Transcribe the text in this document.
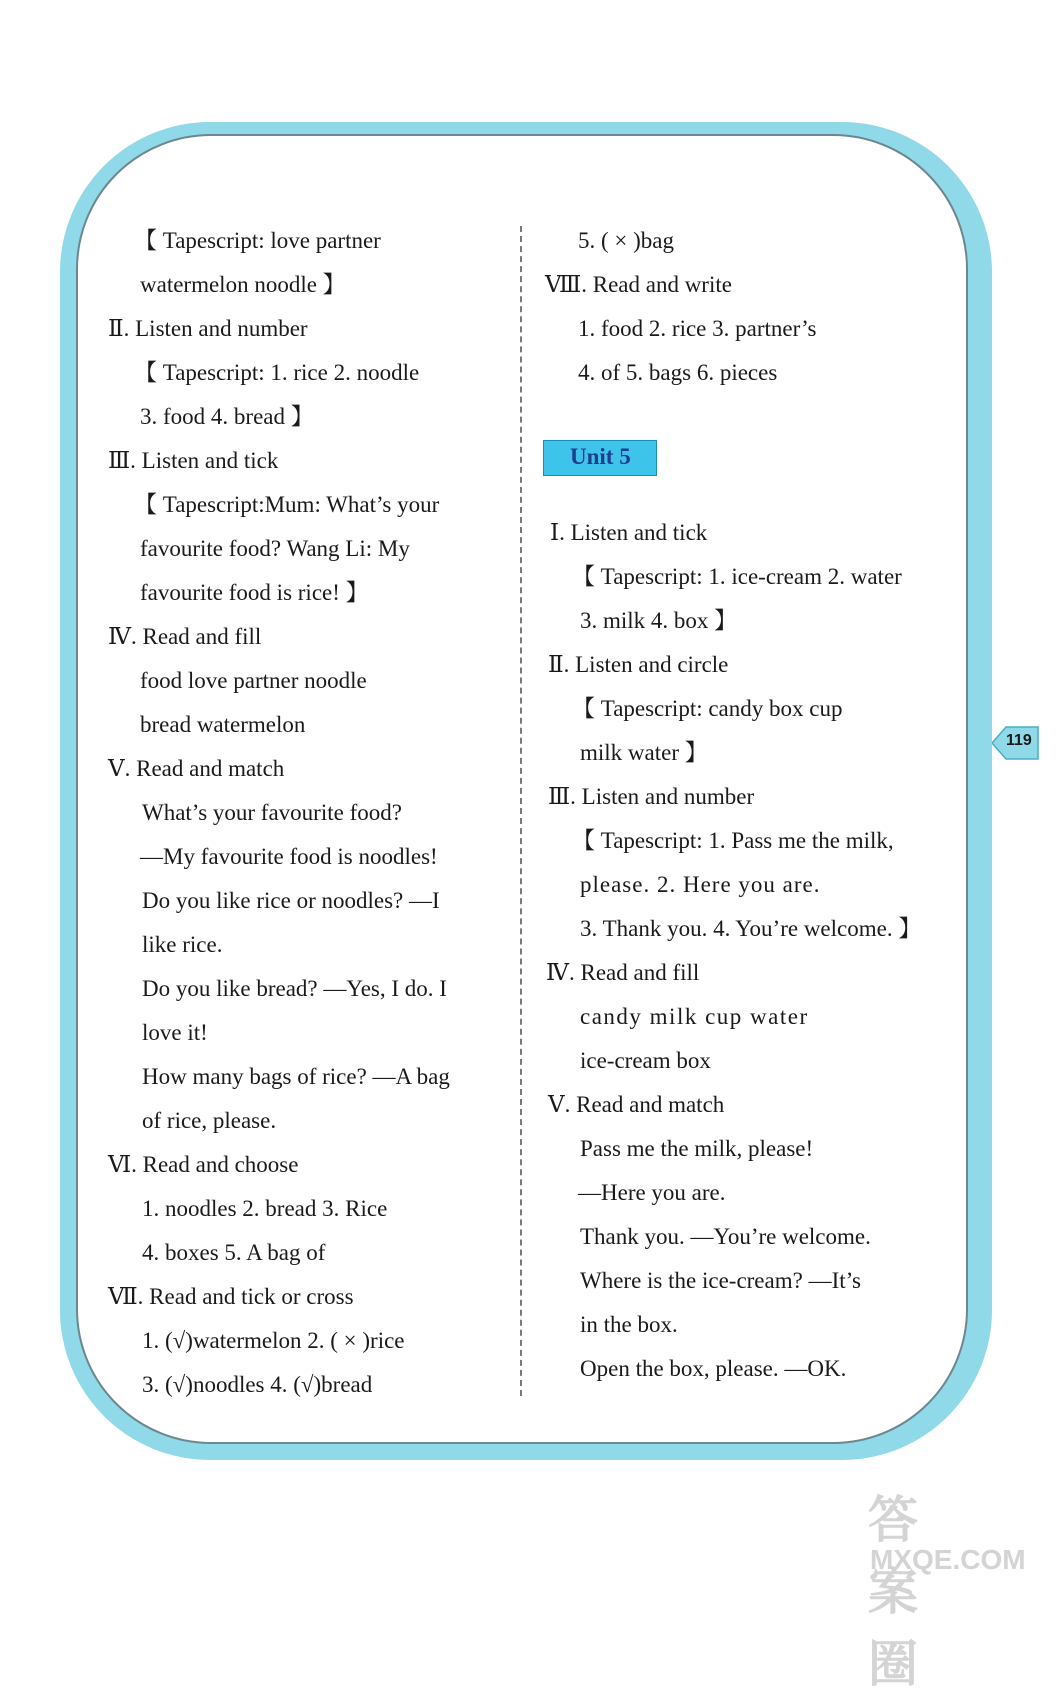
【 Tapescript: love partner
watermelon noodle 】
Ⅱ. Listen and number
【 Tapescript: 1. rice 2. noodle
3. food 4. bread 】
Ⅲ. Listen and tick
【 Tapescript:Mum: What’s your
favourite food? Wang Li: My
favourite food is rice! 】
Ⅳ. Read and fill
food love partner noodle
bread watermelon
Ⅴ. Read and match
What’s your favourite food?
—My favourite food is noodles!
Do you like rice or noodles? —I
like rice.
Do you like bread? —Yes, I do. I
love it!
How many bags of rice? —A bag
of rice, please.
Ⅵ. Read and choose
1. noodles 2. bread 3. Rice
4. boxes 5. A bag of
Ⅶ. Read and tick or cross
1. (√)watermelon 2. ( × )rice
3. (√)noodles 4. (√)bread
5. ( × )bag
Ⅷ. Read and write
1. food 2. rice 3. partner’s
4. of 5. bags 6. pieces
Unit 5
Ⅰ. Listen and tick
【 Tapescript: 1. ice-cream 2. water
3. milk 4. box 】
Ⅱ. Listen and circle
【 Tapescript: candy box cup
milk water 】
Ⅲ. Listen and number
【 Tapescript: 1. Pass me the milk,
please. 2. Here you are.
3. Thank you. 4. You’re welcome. 】
Ⅳ. Read and fill
candy milk cup water
ice-cream box
Ⅴ. Read and match
Pass me the milk, please!
—Here you are.
Thank you. —You’re welcome.
Where is the ice-cream? —It’s
in the box.
Open the box, please. —OK.
119
答案圈
MXQE.COM
